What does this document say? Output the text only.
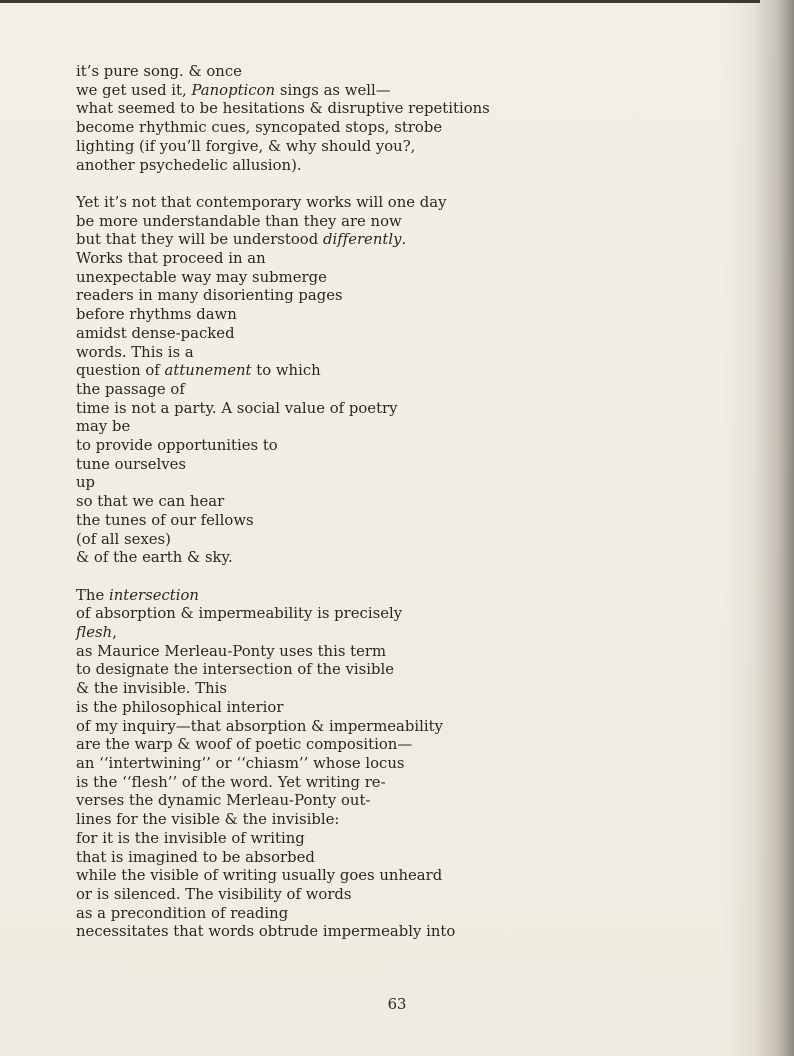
it’s pure song. & once
we get used it, Panopticon sings as well—
what seemed to be hesitations & disruptive repetitions
become rhythmic cues, syncopated stops, strobe
lighting (if you’ll forgive, & why should you?,
another psychedelic allusion).
Yet it’s not that contemporary works will one day
be more understandable than they are now
but that they will be understood differently.
Works that proceed in an
unexpectable way may submerge
readers in many disorienting pages
before rhythms dawn
amidst dense-packed
words. This is a
question of attunement to which
the passage of
time is not a party. A social value of poetry
may be
to provide opportunities to
tune ourselves
up
so that we can hear
the tunes of our fellows
(of all sexes)
& of the earth & sky.
The intersection
of absorption & impermeability is precisely
flesh,
as Maurice Merleau-Ponty uses this term
to designate the intersection of the visible
& the invisible. This
is the philosophical interior
of my inquiry—that absorption & impermeability
are the warp & woof of poetic composition—
an ‘‘intertwining’’ or ‘‘chiasm’’ whose locus
is the ‘‘flesh’’ of the word. Yet writing re-
verses the dynamic Merleau-Ponty out-
lines for the visible & the invisible:
for it is the invisible of writing
that is imagined to be absorbed
while the visible of writing usually goes unheard
or is silenced. The visibility of words
as a precondition of reading
necessitates that words obtrude impermeably into
63
